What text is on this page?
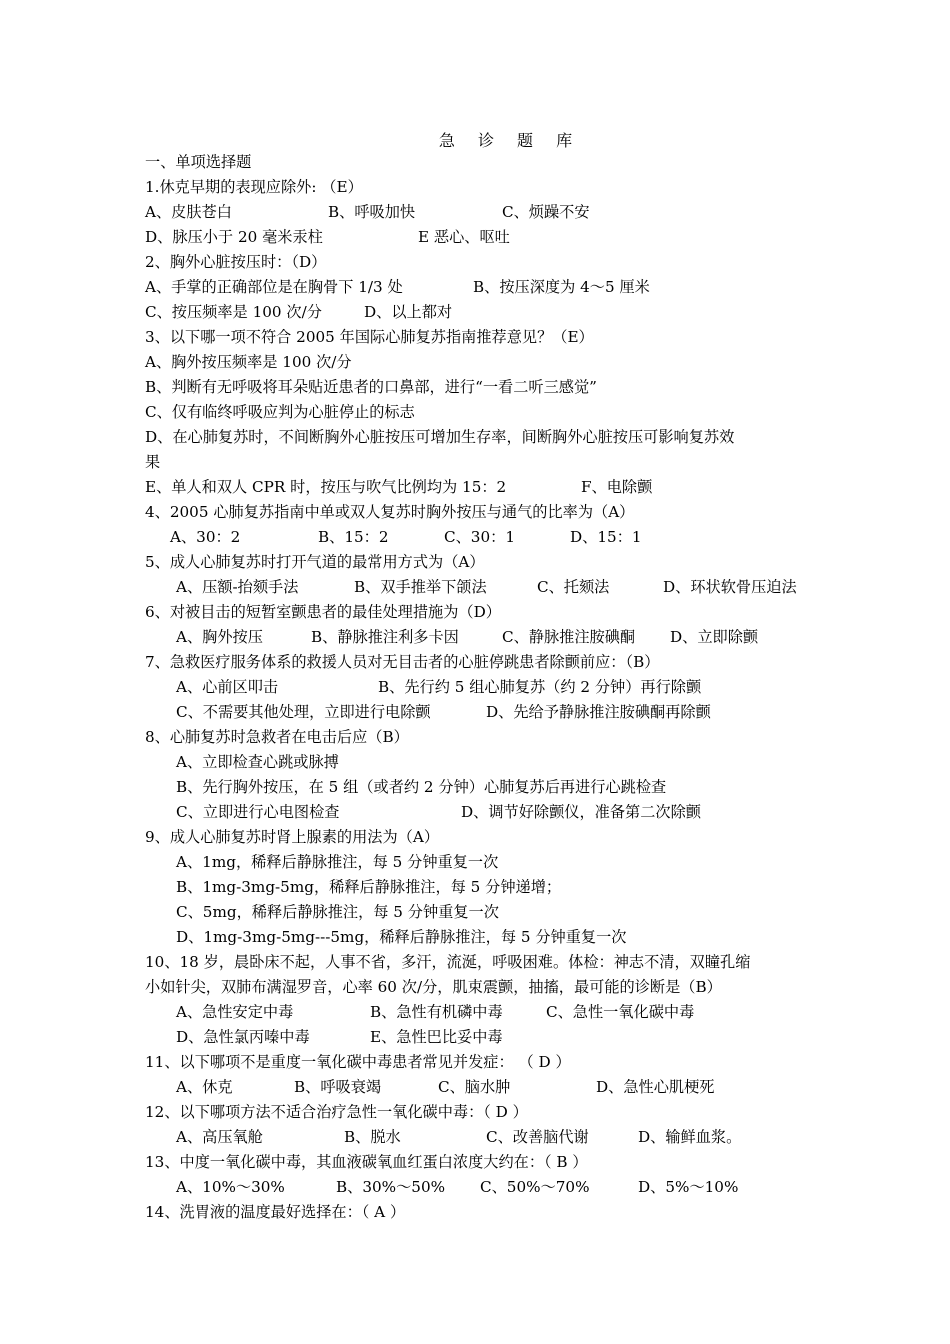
急 诊 题 库
一、单项选择题
1.休克早期的表现应除外: （E）
A、皮肤苍白	B、呼吸加快	C、烦躁不安
D、脉压小于 20 毫米汞柱	E 恶心、呕吐
2、胸外心脏按压时：（D）
A、手掌的正确部位是在胸骨下 1/3 处	B、按压深度为 4～5 厘米
C、按压频率是 100 次/分	D、以上都对
3、以下哪一项不符合 2005 年国际心肺复苏指南推荐意见？（E）
A、胸外按压频率是 100 次/分
B、判断有无呼吸将耳朵贴近患者的口鼻部，进行“一看二听三感觉”
C、仅有临终呼吸应判为心脏停止的标志
D、在心肺复苏时，不间断胸外心脏按压可增加生存率，间断胸外心脏按压可影响复苏效
果
E、单人和双人 CPR 时，按压与吹气比例均为 15：2	F、电除颤
4、2005 心肺复苏指南中单或双人复苏时胸外按压与通气的比率为（A）
A、30：2	B、15：2	C、30：1	D、15：1
5、成人心肺复苏时打开气道的最常用方式为（A）
A、压额-抬颏手法	B、双手推举下颌法	C、托颏法	D、环状软骨压迫法
6、对被目击的短暂室颤患者的最佳处理措施为（D）
A、胸外按压	B、静脉推注利多卡因	C、静脉推注胺碘酮 D、立即除颤
7、急救医疗服务体系的救援人员对无目击者的心脏停跳患者除颤前应：（B）
A、心前区叩击	B、先行约 5 组心肺复苏（约 2 分钟）再行除颤
C、不需要其他处理，立即进行电除颤	D、先给予静脉推注胺碘酮再除颤
8、心肺复苏时急救者在电击后应（B）
A、立即检查心跳或脉搏
B、先行胸外按压，在 5 组（或者约 2 分钟）心肺复苏后再进行心跳检查
C、立即进行心电图检查	D、调节好除颤仪，准备第二次除颤
9、成人心肺复苏时肾上腺素的用法为（A）
A、1mg，稀释后静脉推注，每 5 分钟重复一次
B、1mg-3mg-5mg，稀释后静脉推注，每 5 分钟递增；
C、5mg，稀释后静脉推注，每 5 分钟重复一次
D、1mg-3mg-5mg---5mg，稀释后静脉推注，每 5 分钟重复一次
10、18 岁，晨卧床不起，人事不省，多汗，流涎，呼吸困难。体检：神志不清，双瞳孔缩
小如针尖，双肺布满湿罗音，心率 60 次/分，肌束震颤，抽搐，最可能的诊断是（B）
A、急性安定中毒	B、急性有机磷中毒	C、急性一氧化碳中毒
D、急性氯丙嗪中毒	E、急性巴比妥中毒
11、以下哪项不是重度一氧化碳中毒患者常见并发症： （ D ）
A、休克	B、呼吸衰竭	C、脑水肿	D、急性心肌梗死
12、以下哪项方法不适合治疗急性一氧化碳中毒：（ D ）
A、高压氧舱	B、脱水	C、改善脑代谢	D、输鲜血浆。
13、中度一氧化碳中毒，其血液碳氧血红蛋白浓度大约在：（ B ）
A、10%～30%	B、30%～50% C、50%～70%	D、5%～10%
14、洗胃液的温度最好选择在：（ A ）
